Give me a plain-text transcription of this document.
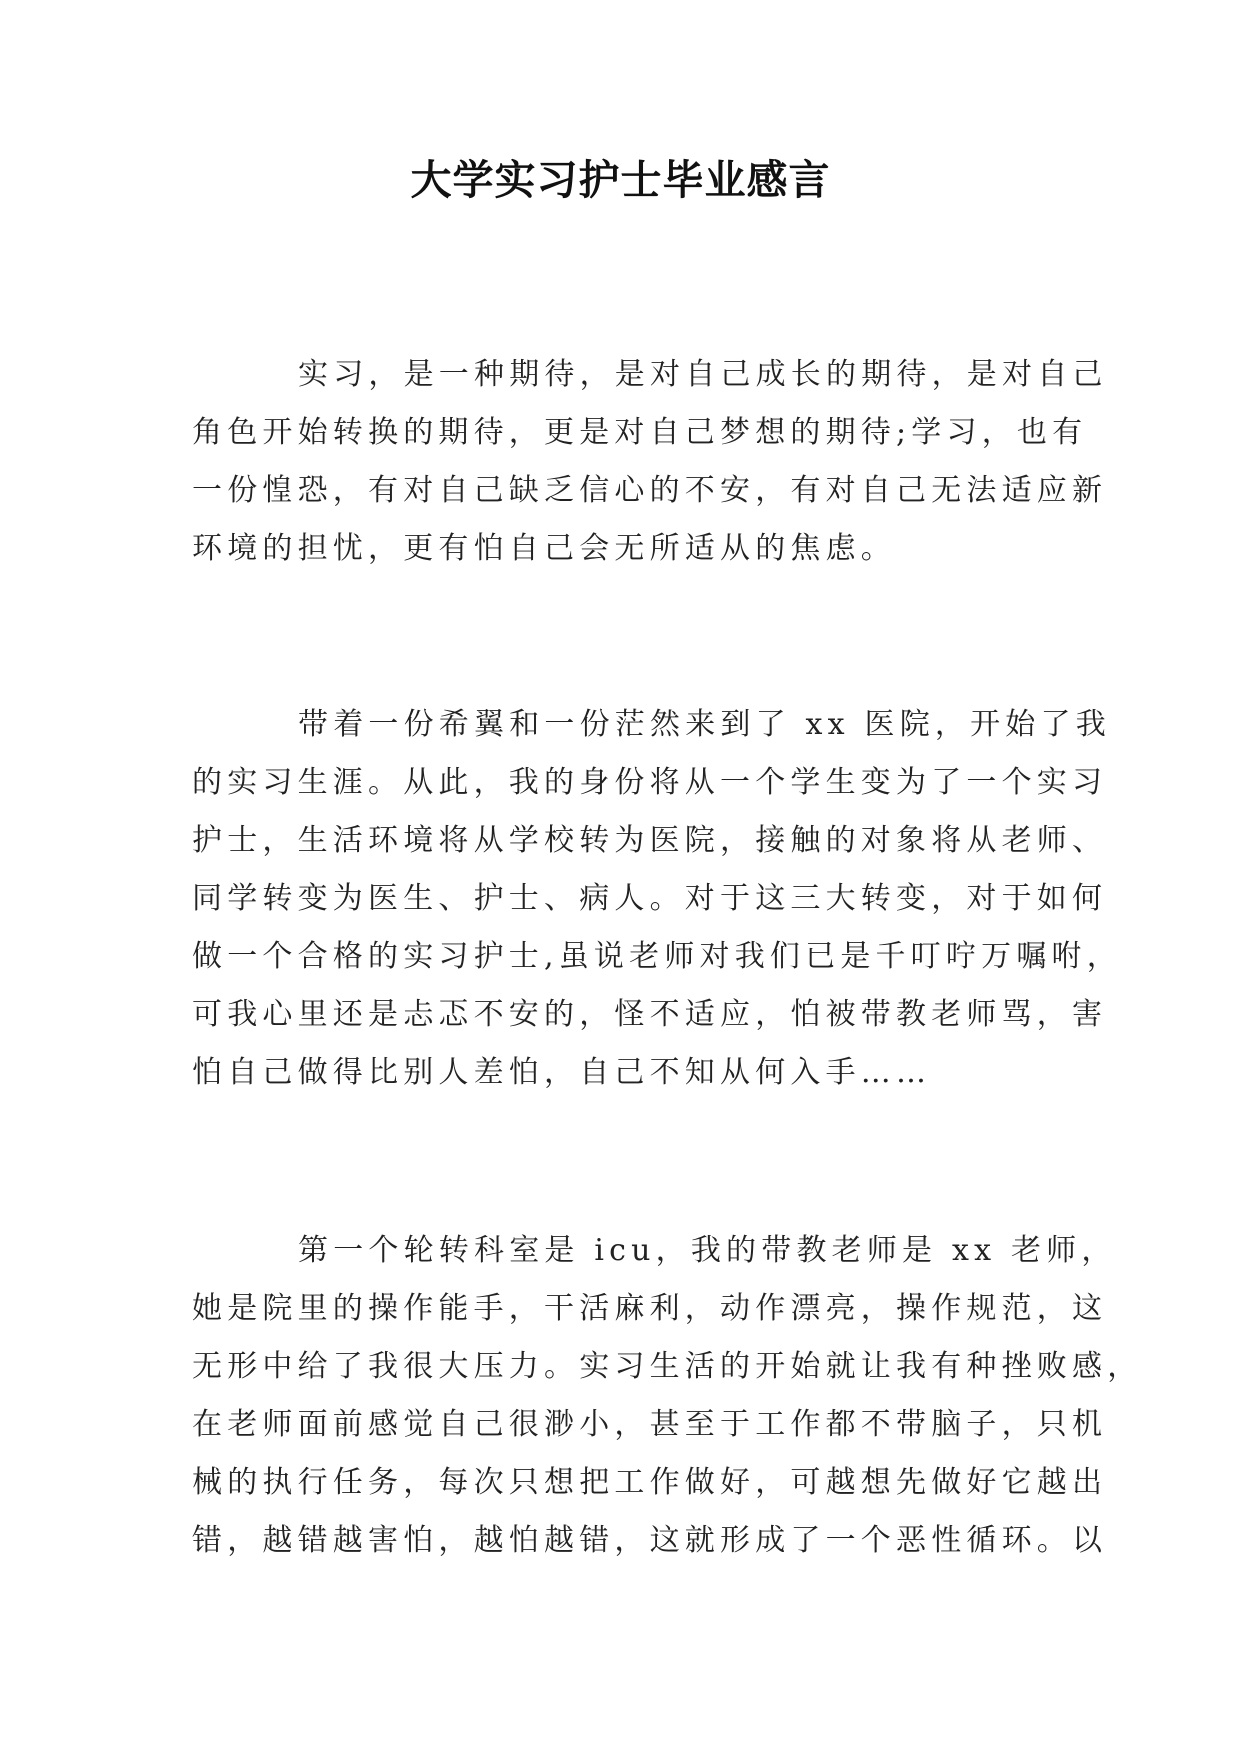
大学实习护士毕业感言
实习，是一种期待，是对自己成长的期待，是对自己
角色开始转换的期待，更是对自己梦想的期待;学习，也有
一份惶恐，有对自己缺乏信心的不安，有对自己无法适应新
环境的担忧，更有怕自己会无所适从的焦虑。
带着一份希翼和一份茫然来到了 xx 医院，开始了我
的实习生涯。从此，我的身份将从一个学生变为了一个实习
护士，生活环境将从学校转为医院，接触的对象将从老师、
同学转变为医生、护士、病人。对于这三大转变，对于如何
做一个合格的实习护士,虽说老师对我们已是千叮咛万嘱咐，
可我心里还是忐忑不安的，怪不适应，怕被带教老师骂，害
怕自己做得比别人差怕，自己不知从何入手……
第一个轮转科室是 icu，我的带教老师是 xx 老师，
她是院里的操作能手，干活麻利，动作漂亮，操作规范，这
无形中给了我很大压力。实习生活的开始就让我有种挫败感，
在老师面前感觉自己很渺小，甚至于工作都不带脑子，只机
械的执行任务，每次只想把工作做好，可越想先做好它越出
错，越错越害怕，越怕越错，这就形成了一个恶性循环。以
